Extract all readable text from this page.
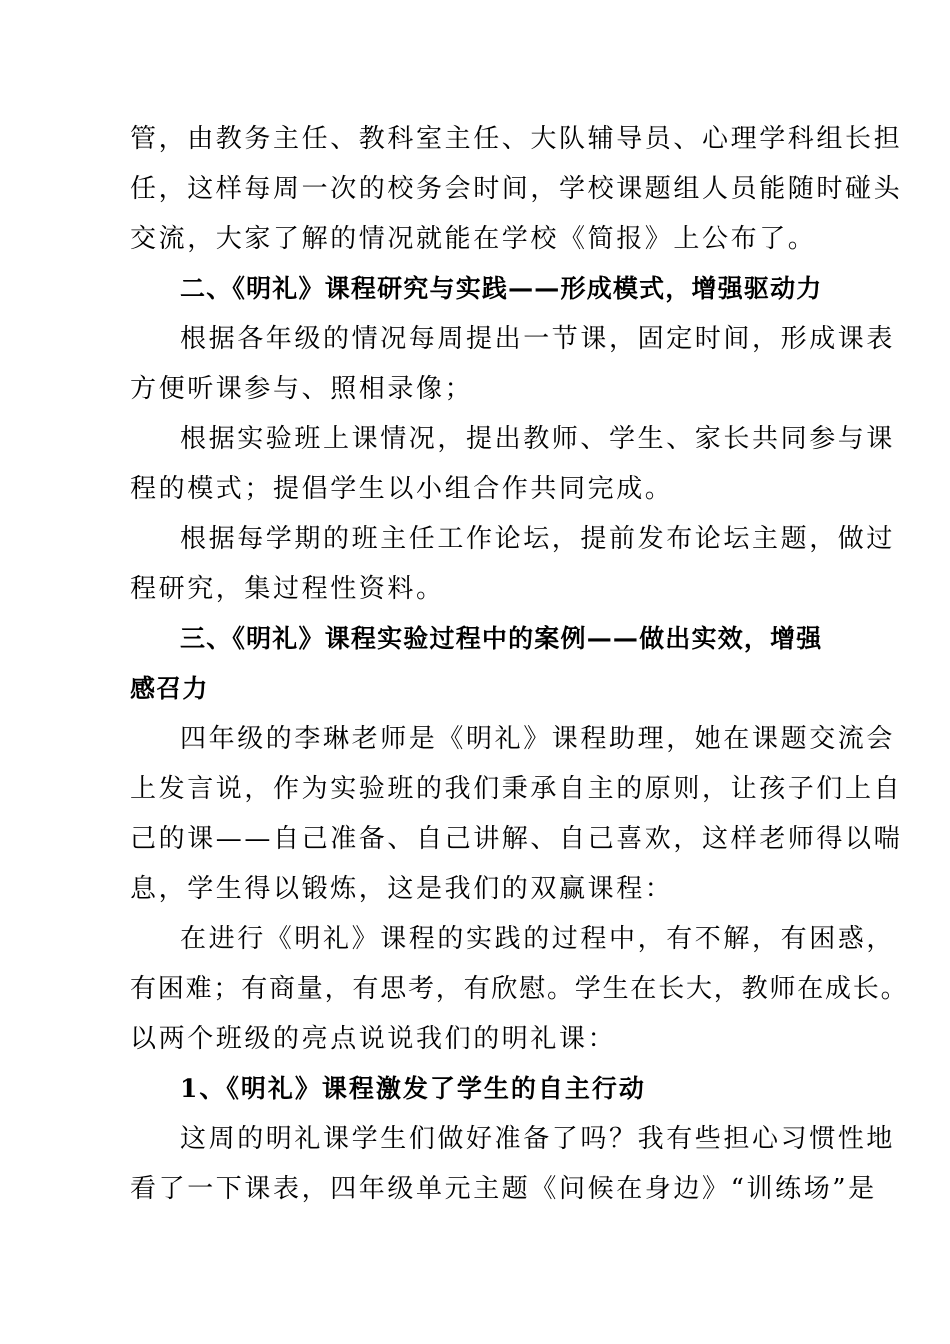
管，由教务主任、教科室主任、大队辅导员、心理学科组长担
任，这样每周一次的校务会时间，学校课题组人员能随时碰头
交流，大家了解的情况就能在学校《简报》上公布了。
二、《明礼》课程研究与实践——形成模式，增强驱动力
根据各年级的情况每周提出一节课，固定时间，形成课表
方便听课参与、照相录像；
根据实验班上课情况，提出教师、学生、家长共同参与课
程的模式；提倡学生以小组合作共同完成。
根据每学期的班主任工作论坛，提前发布论坛主题，做过
程研究，集过程性资料。
三、《明礼》课程实验过程中的案例——做出实效，增强
感召力
四年级的李琳老师是《明礼》课程助理，她在课题交流会
上发言说，作为实验班的我们秉承自主的原则，让孩子们上自
己的课——自己准备、自己讲解、自己喜欢，这样老师得以喘
息，学生得以锻炼，这是我们的双赢课程：
在进行《明礼》课程的实践的过程中，有不解，有困惑，
有困难；有商量，有思考，有欣慰。学生在长大，教师在成长。
以两个班级的亮点说说我们的明礼课：
1、《明礼》课程激发了学生的自主行动
这周的明礼课学生们做好准备了吗？我有些担心习惯性地
看了一下课表，四年级单元主题《问候在身边》“训练场”是
